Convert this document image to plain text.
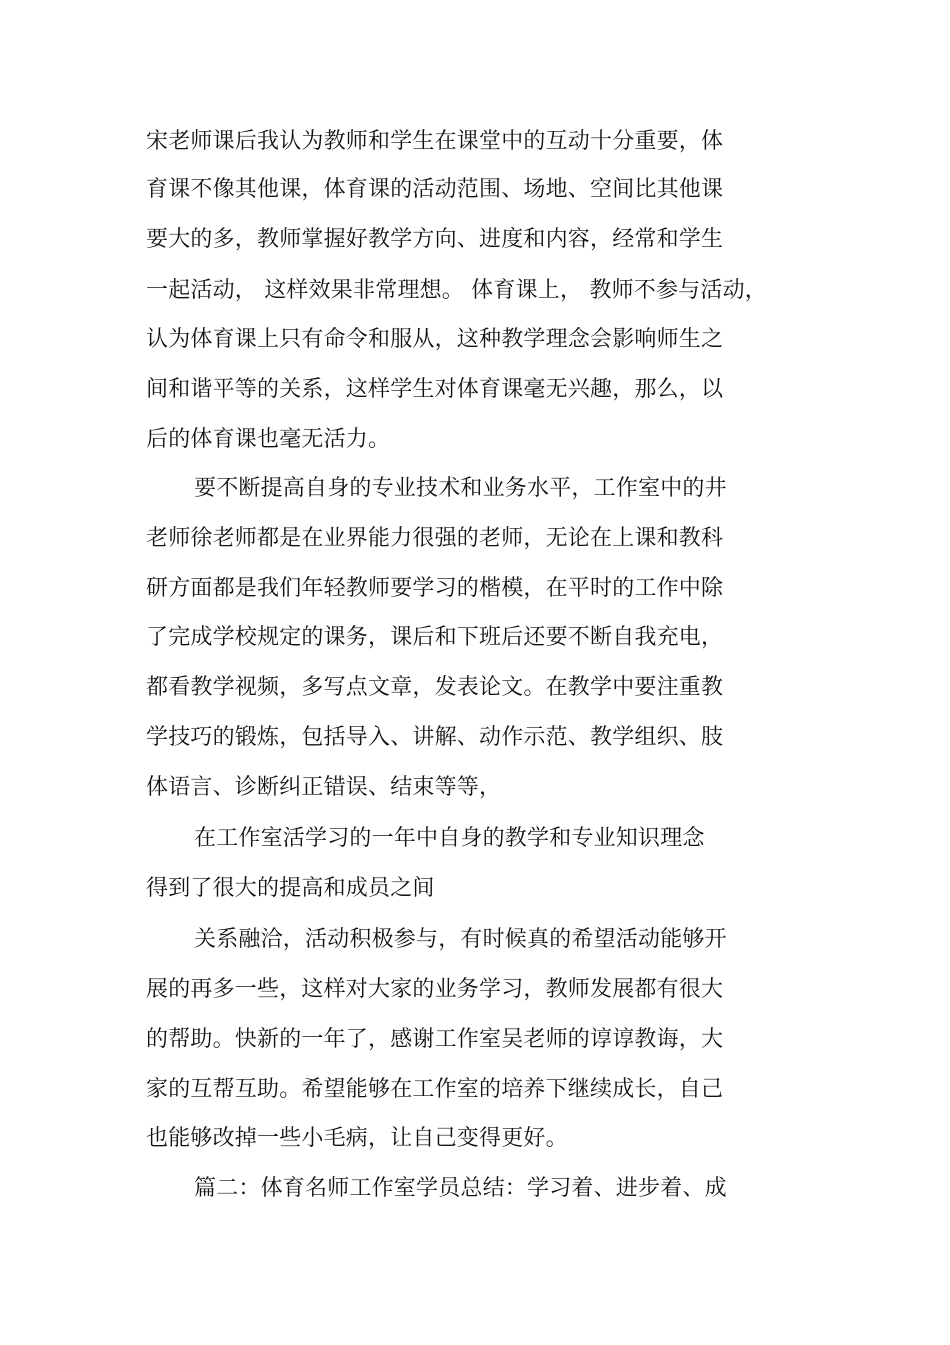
宋老师课后我认为教师和学生在课堂中的互动十分重要，体
育课不像其他课，体育课的活动范围、场地、空间比其他课
要大的多，教师掌握好教学方向、进度和内容，经常和学生
一起活动， 这样效果非常理想。 体育课上， 教师不参与活动，
认为体育课上只有命令和服从，这种教学理念会影响师生之
间和谐平等的关系，这样学生对体育课毫无兴趣，那么，以
后的体育课也毫无活力。
要不断提高自身的专业技术和业务水平，工作室中的井
老师徐老师都是在业界能力很强的老师，无论在上课和教科
研方面都是我们年轻教师要学习的楷模，在平时的工作中除
了完成学校规定的课务，课后和下班后还要不断自我充电，
都看教学视频，多写点文章，发表论文。在教学中要注重教
学技巧的锻炼，包括导入、讲解、动作示范、教学组织、肢
体语言、诊断纠正错误、结束等等，
在工作室活学习的一年中自身的教学和专业知识理念
得到了很大的提高和成员之间
关系融洽，活动积极参与，有时候真的希望活动能够开
展的再多一些，这样对大家的业务学习，教师发展都有很大
的帮助。快新的一年了，感谢工作室吴老师的谆谆教诲，大
家的互帮互助。希望能够在工作室的培养下继续成长，自己
也能够改掉一些小毛病，让自己变得更好。
篇二：体育名师工作室学员总结：学习着、进步着、成
